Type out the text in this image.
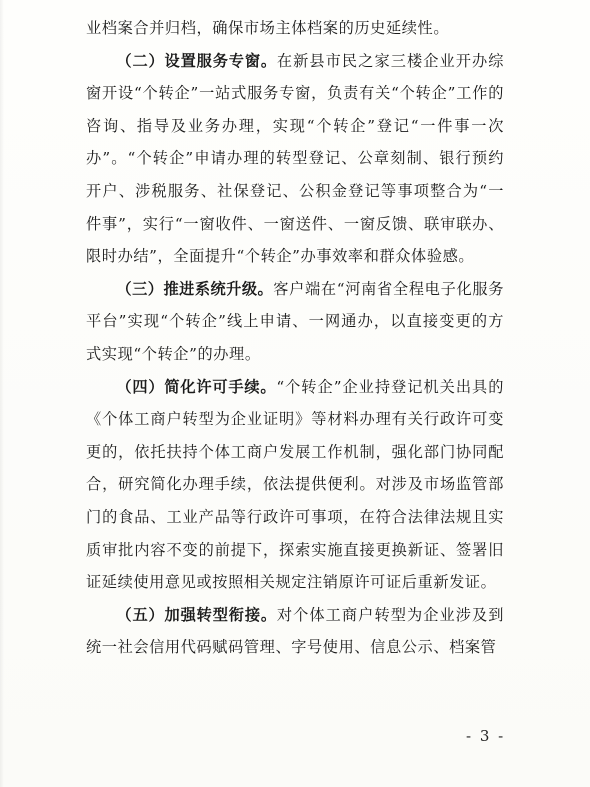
业档案合并归档，确保市场主体档案的历史延续性。

（二）设置服务专窗。在新县市民之家三楼企业开办综窗开设“个转企”一站式服务专窗，负责有关“个转企”工作的咨询、指导及业务办理，实现“个转企”登记“一件事一次办”。“个转企”申请办理的转型登记、公章刻制、银行预约开户、涉税服务、社保登记、公积金登记等事项整合为“一件事”，实行“一窗收件、一窗送件、一窗反馈、联审联办、限时办结”，全面提升“个转企”办事效率和群众体验感。

（三）推进系统升级。客户端在“河南省全程电子化服务平台”实现“个转企”线上申请、一网通办，以直接变更的方式实现“个转企”的办理。

（四）简化许可手续。“个转企”企业持登记机关出具的《个体工商户转型为企业证明》等材料办理有关行政许可变更的，依托扶持个体工商户发展工作机制，强化部门协同配合，研究简化办理手续，依法提供便利。对涉及市场监管部门的食品、工业产品等行政许可事项，在符合法律法规且实质审批内容不变的前提下，探索实施直接更换新证、签署旧证延续使用意见或按照相关规定注销原许可证后重新发证。

（五）加强转型衔接。对个体工商户转型为企业涉及到统一社会信用代码赋码管理、字号使用、信息公示、档案管

- 3 -
